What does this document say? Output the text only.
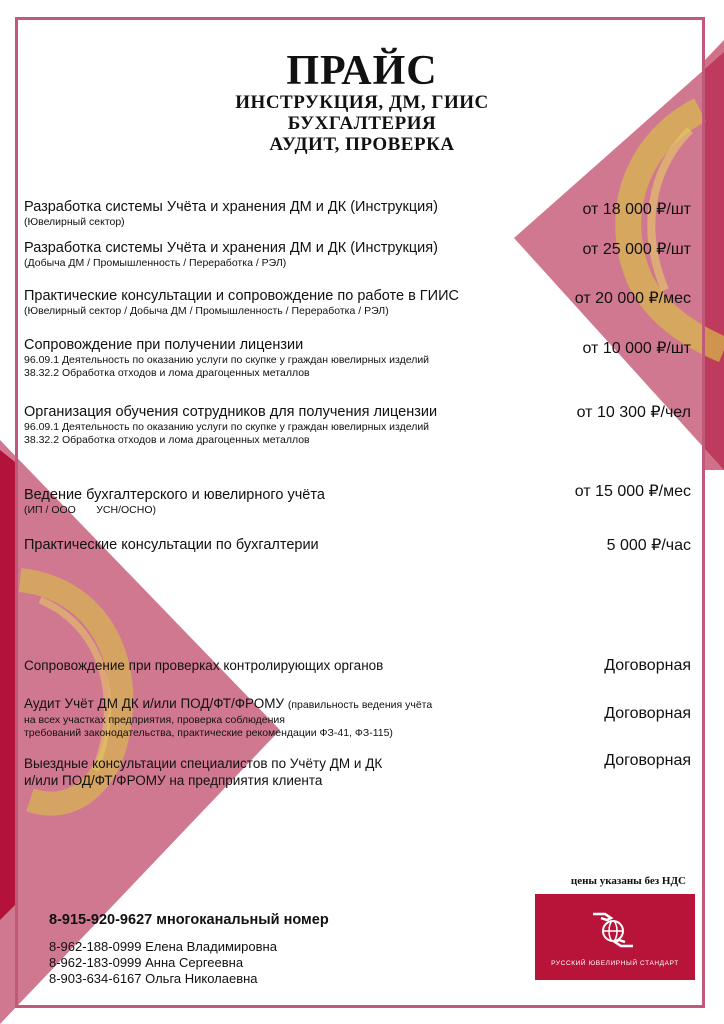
ПРАЙС
ИНСТРУКЦИЯ, ДМ, ГИИС
БУХГАЛТЕРИЯ
АУДИТ, ПРОВЕРКА
Разработка системы Учёта и хранения ДМ и ДК (Инструкция)
(Ювелирный сектор)
от 18 000 ₽/шт
Разработка системы Учёта и хранения ДМ и ДК (Инструкция)
(Добыча ДМ / Промышленность / Переработка / РЭЛ)
от 25 000 ₽/шт
Практические консультации и сопровождение по работе в ГИИС
(Ювелирный сектор / Добыча ДМ / Промышленность / Переработка / РЭЛ)
от 20 000 ₽/мес
Сопровождение при получении лицензии
96.09.1 Деятельность по оказанию услуги по скупке у граждан ювелирных изделий
38.32.2 Обработка отходов и лома драгоценных металлов
от 10 000 ₽/шт
Организация обучения сотрудников для получения лицензии
96.09.1 Деятельность по оказанию услуги по скупке у граждан ювелирных изделий
38.32.2 Обработка отходов и лома драгоценных металлов
от 10 300 ₽/чел
Ведение бухгалтерского и ювелирного учёта
(ИП / ООО       УСН/ОСНО)
от 15 000 ₽/мес
Практические консультации по бухгалтерии	5 000 ₽/час
Сопровождение при проверках контролирующих органов	Договорная
Аудит Учёт ДМ ДК и/или ПОД/ФТ/ФРОМУ (правильность ведения учёта
на всех участках предприятия, проверка соблюдения
требований законодательства, практические рекомендации ФЗ-41, ФЗ-115)
Договорная
Выездные консультации специалистов по Учёту ДМ и ДК
и/или ПОД/ФТ/ФРОМУ на предприятия клиента
Договорная
цены указаны без НДС
8-915-920-9627 многоканальный номер
8-962-188-0999 Елена Владимировна
8-962-183-0999 Анна Сергеевна
8-903-634-6167 Ольга Николаевна
РУССКИЙ ЮВЕЛИРНЫЙ СТАНДАРТ
